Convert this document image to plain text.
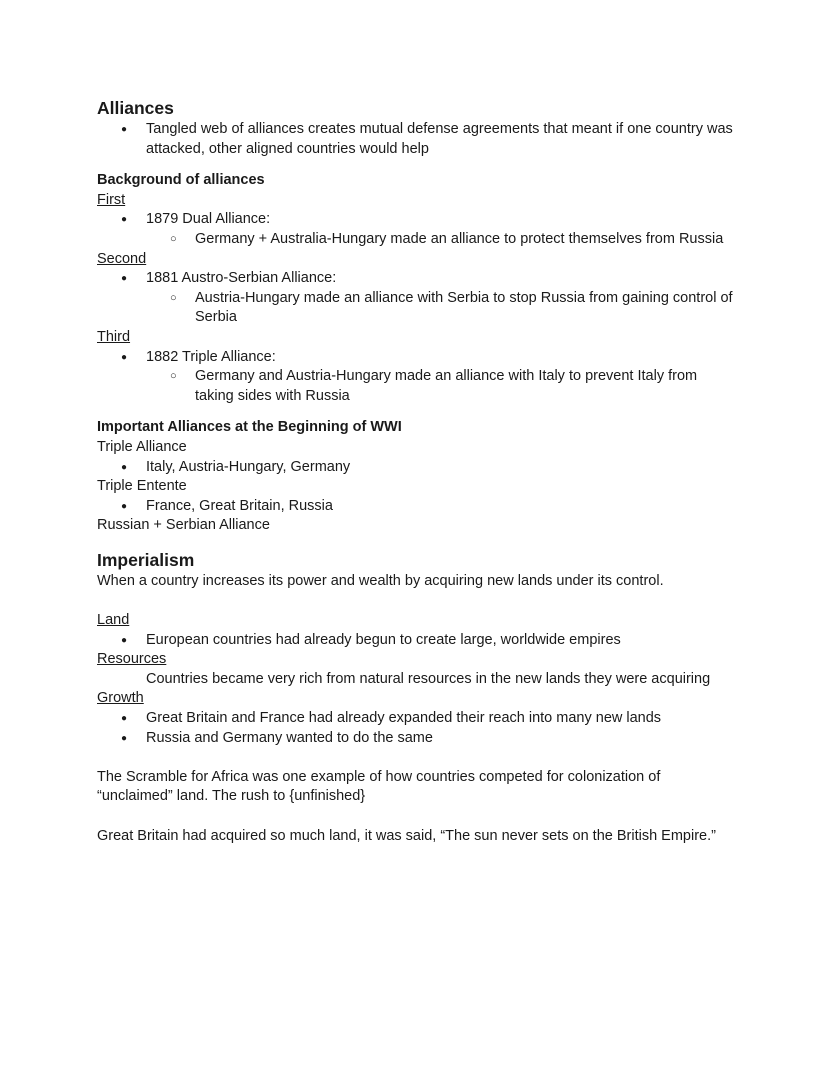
Alliances
● Tangled web of alliances creates mutual defense agreements that meant if one country was attacked, other aligned countries would help
Background of alliances

First

● 1879 Dual Alliance:
○ Germany + Australia-Hungary made an alliance to protect themselves from Russia

Second

● 1881 Austro-Serbian Alliance:
○ Austria-Hungary made an alliance with Serbia to stop Russia from gaining control of Serbia

Third

● 1882 Triple Alliance:
○ Germany and Austria-Hungary made an alliance with Italy to prevent Italy from taking sides with Russia
Important Alliances at the Beginning of WWI

Triple Alliance

● Italy, Austria-Hungary, Germany

Triple Entente

● France, Great Britain, Russia

Russian + Serbian Alliance

Imperialism

When a country increases its power and wealth by acquiring new lands under its control.

Land

● European countries had already begun to create large, worldwide empires

Resources

Countries became very rich from natural resources in the new lands they were acquiring

Growth

● Great Britain and France had already expanded their reach into many new lands
● Russia and Germany wanted to do the same

The Scramble for Africa was one example of how countries competed for colonization of “unclaimed” land. The rush to {unfinished}

Great Britain had acquired so much land, it was said, “The sun never sets on the British Empire.”
